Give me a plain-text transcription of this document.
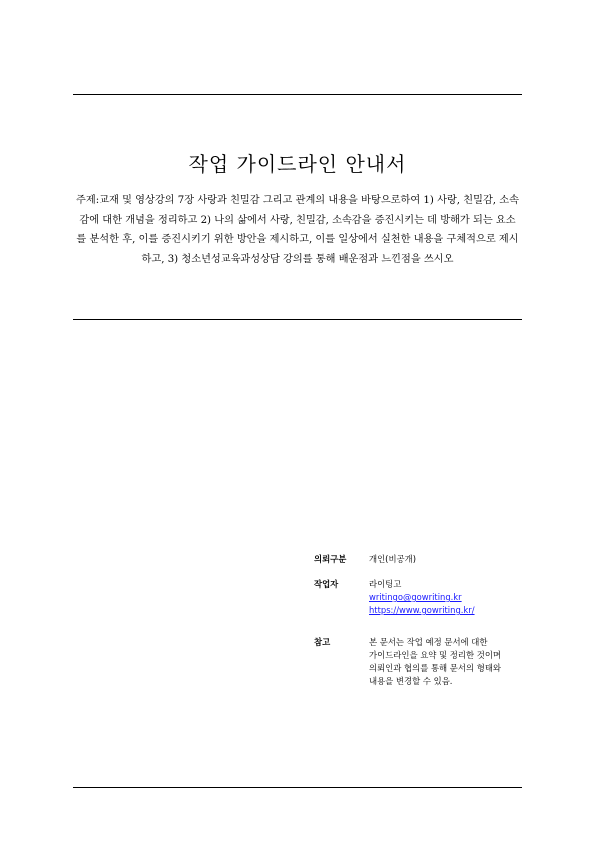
작업 가이드라인 안내서
주제:교재 및 영상강의 7장 사랑과 친밀감 그리고 관계의 내용을 바탕으로하여 1) 사랑, 친밀감, 소속감에 대한 개념을 정리하고 2) 나의 삶에서 사랑, 친밀감, 소속감을 증진시키는 데 방해가 되는 요소를 분석한 후, 이를 증진시키기 위한 방안을 제시하고, 이를 일상에서 실천한 내용을 구체적으로 제시하고, 3) 청소년성교육과성상담 강의를 통해 배운점과 느낀점을 쓰시오
의뢰구분	개인(비공개)
작업자	라이팅고
writingo@gowriting.kr
https://www.gowriting.kr/
참고	본 문서는 작업 예정 문서에 대한
가이드라인을 요약 및 정리한 것이며
의뢰인과 협의를 통해 문서의 형태와
내용을 변경할 수 있음.
